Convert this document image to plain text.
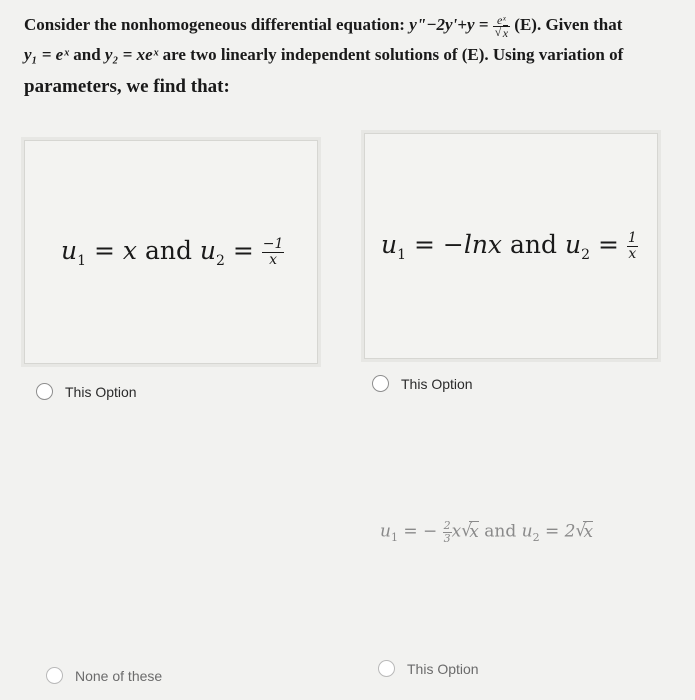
Consider the nonhomogeneous differential equation: y"−2y'+y = eˣ
√ x (E). Given that
y₁ = eˣ and y₂ = xeˣ are two linearly independent solutions of (E). Using variation of
parameters, we find that:
$u_1 = x$ and $u_2 = \frac{-1}{x}$
This Option
$u_1 = -\ln x$ and $u_2 = \frac{1}{x}$
This Option
$u_1$ = − $\frac{2}{3} x√$ x and $u_2 = 2√$ x
This Option
None of these
